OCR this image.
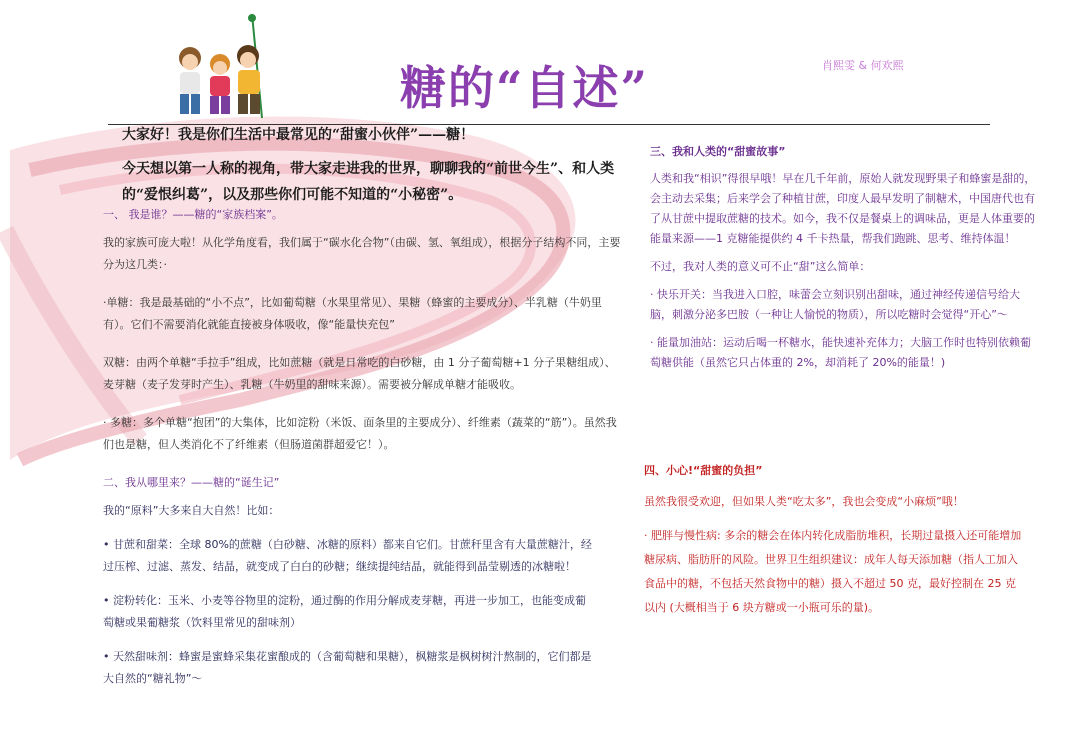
糖的“自述”	肖熙雯 & 何欢熙
大家好！我是你们生活中最常见的“甜蜜小伙伴”——糖！
今天想以第一人称的视角，带大家走进我的世界，聊聊我的“前世今生”、和人类的“爱恨纠葛”，以及那些你们可能不知道的“小秘密”。
一、 我是谁？——糖的“家族档案”。

我的家族可庞大啦！从化学角度看，我们属于“碳水化合物”（由碳、氢、氧组成），根据分子结构不同，主要分为这几类：·

·单糖：我是最基础的“小不点”，比如葡萄糖（水果里常见）、果糖（蜂蜜的主要成分）、半乳糖（牛奶里有）。它们不需要消化就能直接被身体吸收，像“能量快充包”

双糖：由两个单糖“手拉手”组成，比如蔗糖（就是日常吃的白砂糖，由 1 分子葡萄糖+1 分子果糖组成）、麦芽糖（麦子发芽时产生）、乳糖（牛奶里的甜味来源）。需要被分解成单糖才能吸收。

· 多糖：多个单糖“抱团”的大集体，比如淀粉（米饭、面条里的主要成分）、纤维素（蔬菜的“筋”）。虽然我们也是糖，但人类消化不了纤维素（但肠道菌群超爱它！）。

二、我从哪里来？——糖的“诞生记”

我的“原料”大多来自大自然！比如：

• 甘蔗和甜菜：全球 80%的蔗糖（白砂糖、冰糖的原料）都来自它们。甘蔗秆里含有大量蔗糖汁，经过压榨、过滤、蒸发、结晶，就变成了白白的砂糖；继续提纯结晶，就能得到晶莹剔透的冰糖啦！

• 淀粉转化：玉米、小麦等谷物里的淀粉，通过酶的作用分解成麦芽糖，再进一步加工，也能变成葡萄糖或果葡糖浆（饮料里常见的甜味剂）

• 天然甜味剂：蜂蜜是蜜蜂采集花蜜酿成的（含葡萄糖和果糖），枫糖浆是枫树树汁熬制的，它们都是大自然的“糖礼物”～

三、我和人类的“甜蜜故事”

人类和我“相识”得很早哦！早在几千年前，原始人就发现野果子和蜂蜜是甜的，会主动去采集；后来学会了种植甘蔗，印度人最早发明了制糖术，中国唐代也有了从甘蔗中提取蔗糖的技术。如今，我不仅是餐桌上的调味品，更是人体重要的能量来源——1 克糖能提供约 4 千卡热量，帮我们跑跳、思考、维持体温！

不过，我对人类的意义可不止“甜”这么简单：

· 快乐开关：当我进入口腔，味蕾会立刻识别出甜味，通过神经传递信号给大脑，刺激分泌多巴胺（一种让人愉悦的物质），所以吃糖时会觉得“开心”～

· 能量加油站：运动后喝一杯糖水，能快速补充体力；大脑工作时也特别依赖葡萄糖供能（虽然它只占体重的 2%，却消耗了 20%的能量！)

四、小心!“甜蜜的负担”

虽然我很受欢迎，但如果人类“吃太多”，我也会变成“小麻烦”哦！

· 肥胖与慢性病: 多余的糖会在体内转化成脂肪堆积，长期过量摄入还可能增加糖尿病、脂肪肝的风险。世界卫生组织建议：成年人每天添加糖（指人工加入食品中的糖，不包括天然食物中的糖）摄入不超过 50 克，最好控制在 25 克以内 (大概相当于 6 块方糖或一小瓶可乐的量)。
